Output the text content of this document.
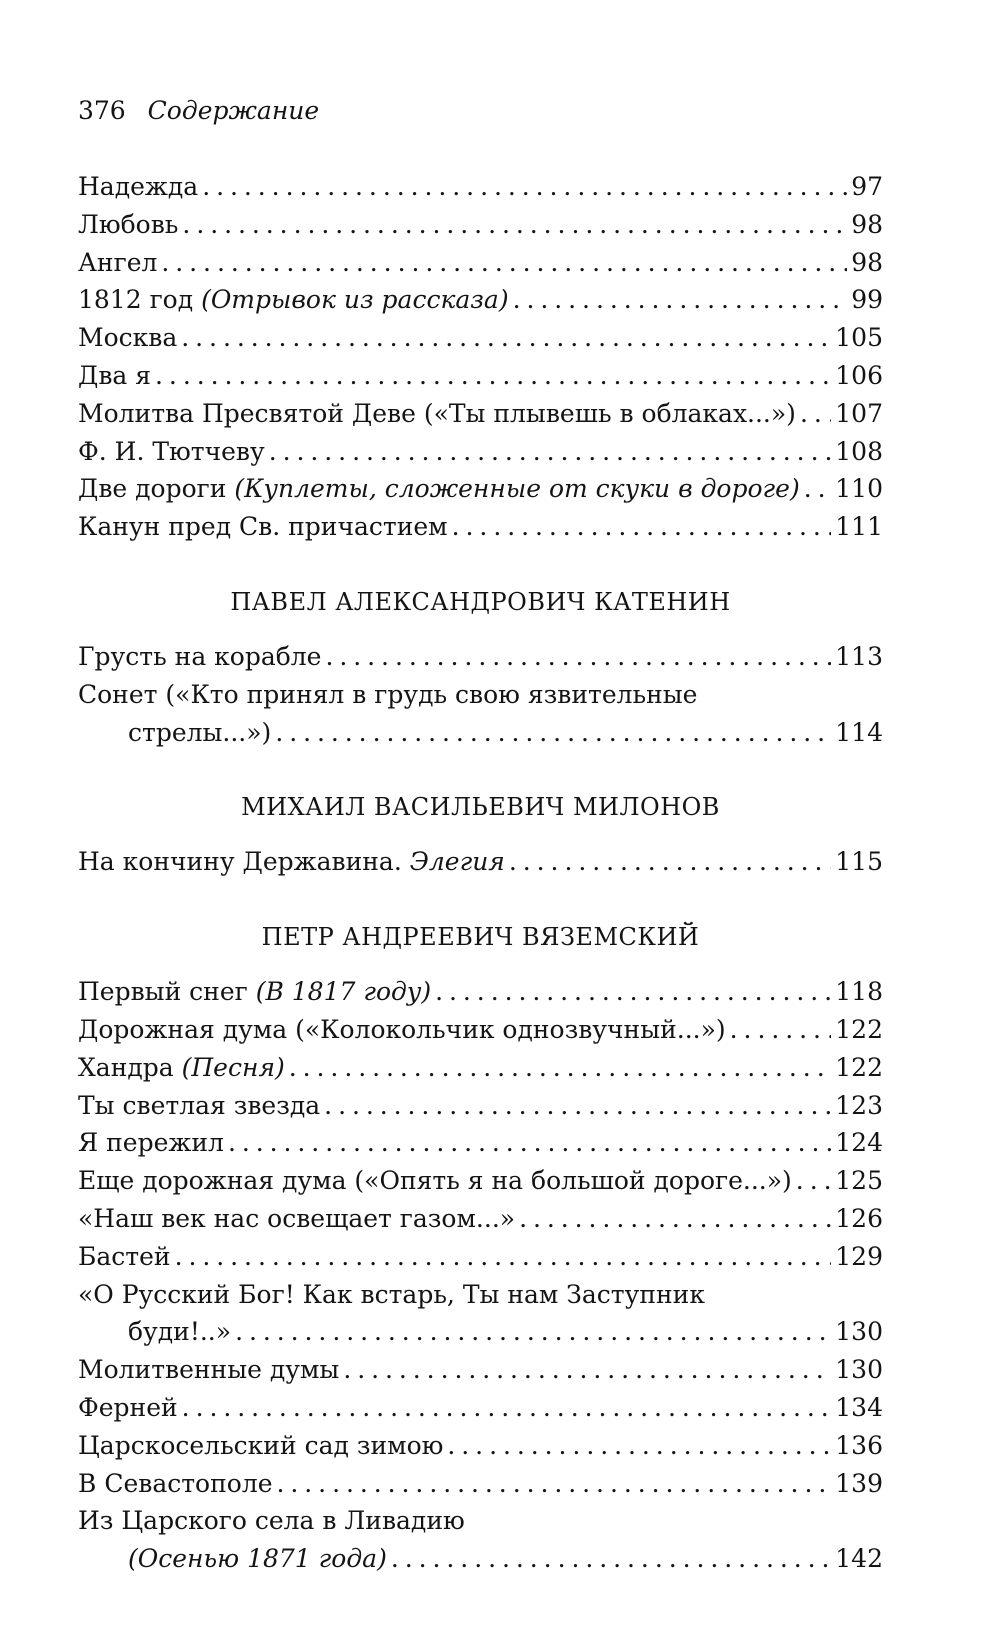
376 Содержание
Надежда . . .	97
Любовь . . .	98
Ангел . . .	98
1812 год (Отрывок из рассказа) . . .	99
Москва . . .	105
Два я . . .	106
Молитва Пресвятой Деве («Ты плывешь в облаках...») . . . 107
Ф. И. Тютчеву . . .	108
Две дороги (Куплеты, сложенные от скуки в дороге) . . . 110
Канун пред Св. причастием . . .	111
ПАВЕЛ АЛЕКСАНДРОВИЧ КАТЕНИН
Грусть на корабле . . .	113
Сонет («Кто принял в грудь свою язвительные
стрелы...») . . .	114
МИХАИЛ ВАСИЛЬЕВИЧ МИЛОНОВ
На кончину Державина. Элегия . . .	115
ПЕТР АНДРЕЕВИЧ ВЯЗЕМСКИЙ
Первый снег (В 1817 году) . . .	118
Дорожная дума («Колокольчик однозвучный...») . . .	122
Хандра (Песня) . . .	122
Ты светлая звезда . . .	123
Я пережил . . .	124
Еще дорожная дума («Опять я на большой дороге...») . . . 125
«Наш век нас освещает газом...» . . .	126
Бастей . . .	129
«О Русский Бог! Как встарь, Ты нам Заступник
буди!..» . . .	130
Молитвенные думы . . .	130
Ферней . . .	134
Царскосельский сад зимою . . .	136
В Севастополе . . .	139
Из Царского села в Ливадию
(Осенью 1871 года) . . .	142
